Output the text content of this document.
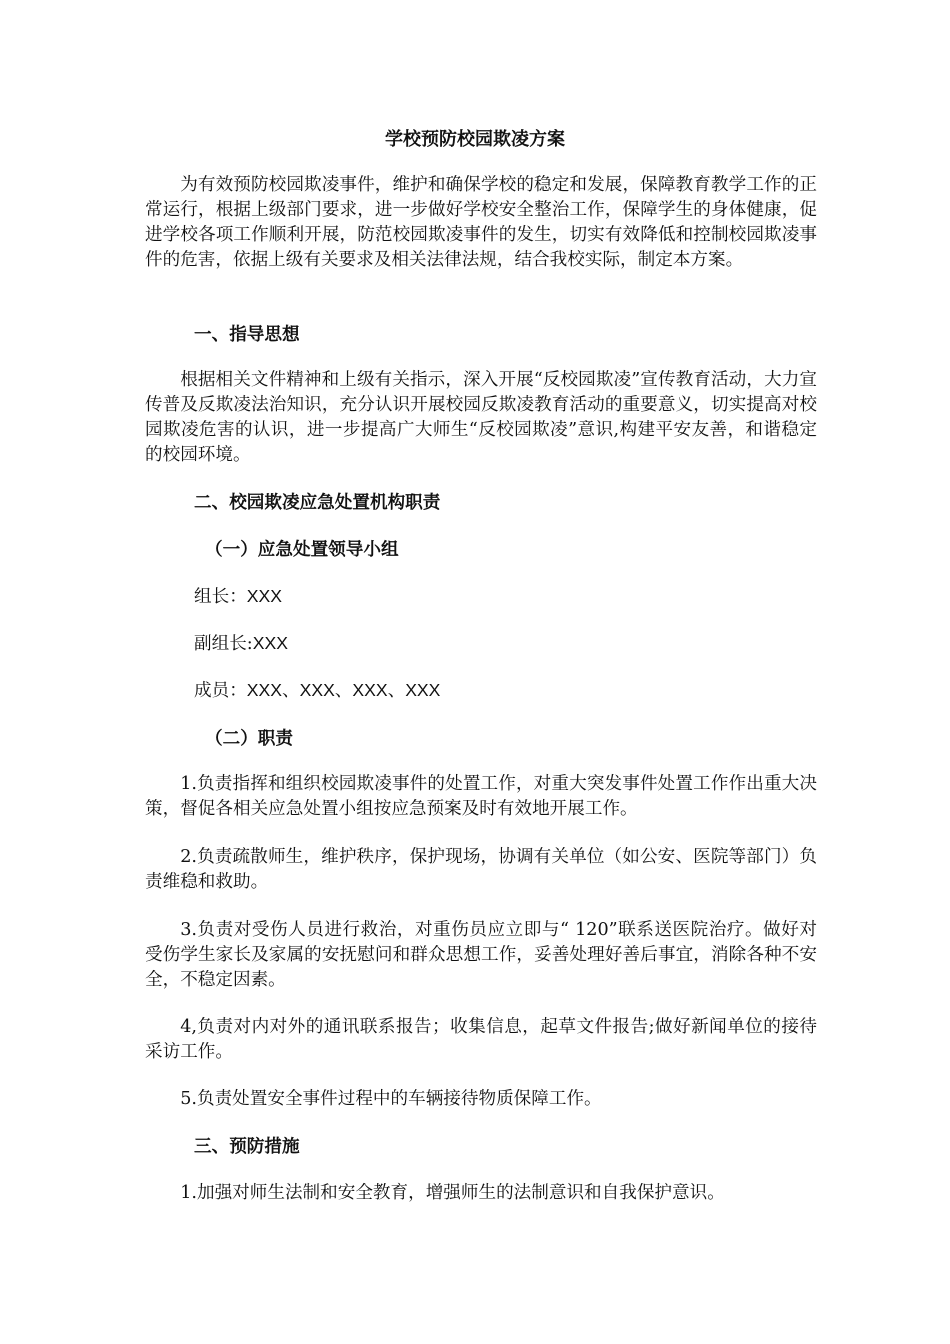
学校预防校园欺凌方案

为有效预防校园欺凌事件，维护和确保学校的稳定和发展，保障教育教学工作的正常运行，根据上级部门要求，进一步做好学校安全整治工作，保障学生的身体健康，促进学校各项工作顺利开展，防范校园欺凌事件的发生，切实有效降低和控制校园欺凌事件的危害，依据上级有关要求及相关法律法规，结合我校实际，制定本方案。

一、指导思想

根据相关文件精神和上级有关指示，深入开展“反校园欺凌”宣传教育活动，大力宣传普及反欺凌法治知识，充分认识开展校园反欺凌教育活动的重要意义，切实提高对校园欺凌危害的认识，进一步提高广大师生“反校园欺凌”意识,构建平安友善，和谐稳定的校园环境。

二、校园欺凌应急处置机构职责

（一）应急处置领导小组

组长：XXX

副组长:XXX

成员：XXX、XXX、XXX、XXX

（二）职责

1.负责指挥和组织校园欺凌事件的处置工作，对重大突发事件处置工作作出重大决策，督促各相关应急处置小组按应急预案及时有效地开展工作。

2.负责疏散师生，维护秩序，保护现场，协调有关单位（如公安、医院等部门）负责维稳和救助。

3.负责对受伤人员进行救治，对重伤员应立即与“ 120”联系送医院治疗。做好对受伤学生家长及家属的安抚慰问和群众思想工作，妥善处理好善后事宜，消除各种不安全，不稳定因素。

4,负责对内对外的通讯联系报告；收集信息，起草文件报告;做好新闻单位的接待采访工作。

5.负责处置安全事件过程中的车辆接待物质保障工作。

三、预防措施

1.加强对师生法制和安全教育，增强师生的法制意识和自我保护意识。
